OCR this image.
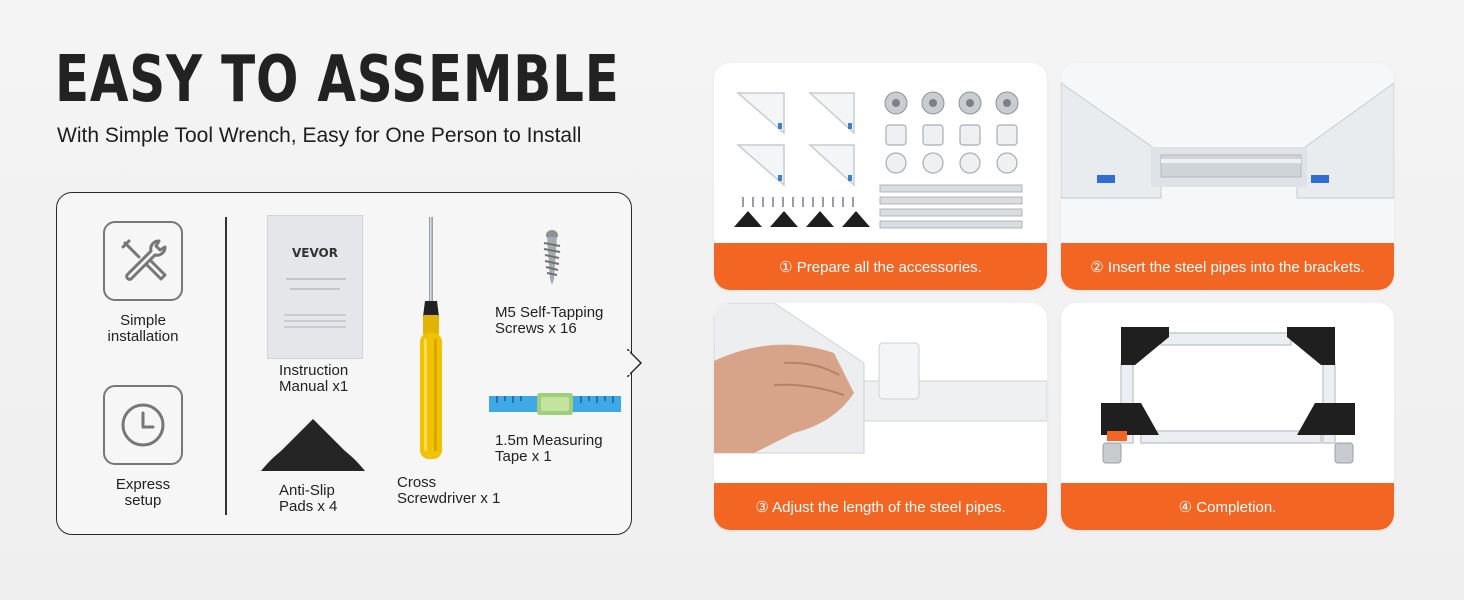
EASY TO ASSEMBLE

With Simple Tool Wrench, Easy for One Person to Install

Simple
installation
Express
setup
VEVOR
Instruction
Manual x1
Cross
Screwdriver x 1
M5 Self-Tapping
Screws x 16
1.5m Measuring
Tape x 1
Anti-Slip
Pads x 4
① Prepare all the accessories.	② Insert the steel pipes into the brackets.
③ Adjust the length of the steel pipes.	④ Completion.
